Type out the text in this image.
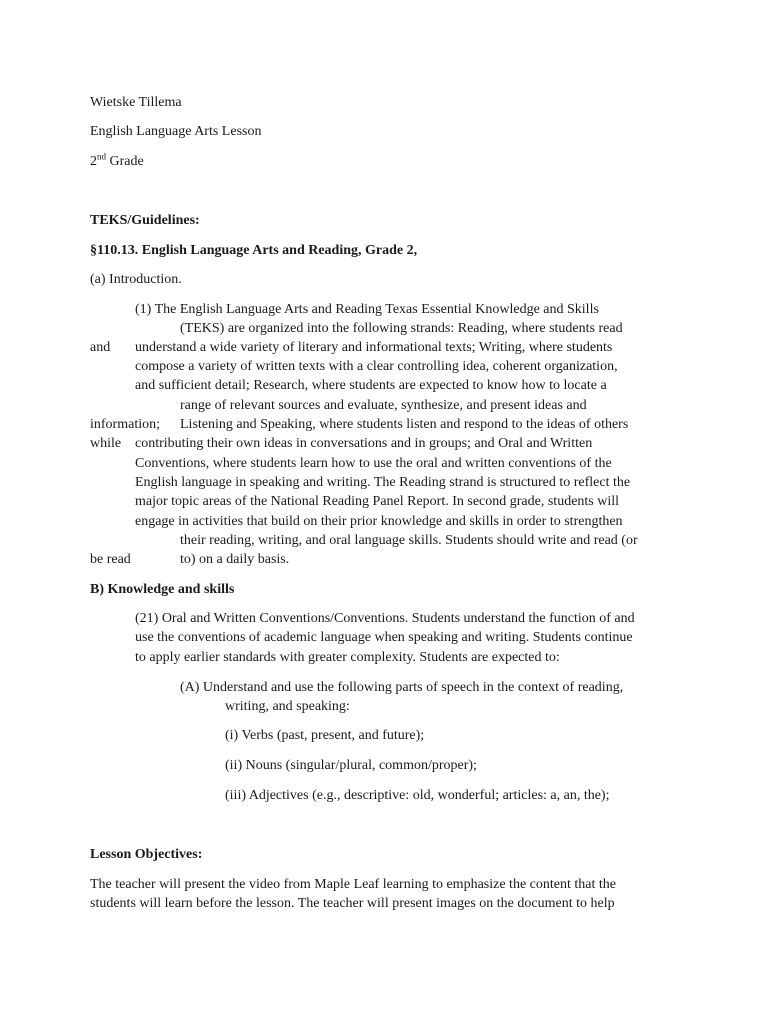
Wietske Tillema
English Language Arts Lesson
2nd Grade
TEKS/Guidelines:
§110.13. English Language Arts and Reading, Grade 2,
(a) Introduction.
(1) The English Language Arts and Reading Texas Essential Knowledge and Skills
(TEKS) are organized into the following strands: Reading, where students read
and understand a wide variety of literary and informational texts; Writing, where students
compose a variety of written texts with a clear controlling idea, coherent organization,
and sufficient detail; Research, where students are expected to know how to locate a
range of relevant sources and evaluate, synthesize, and present ideas and
information; Listening and Speaking, where students listen and respond to the ideas of others
while contributing their own ideas in conversations and in groups; and Oral and Written
Conventions, where students learn how to use the oral and written conventions of the
English language in speaking and writing. The Reading strand is structured to reflect the
major topic areas of the National Reading Panel Report. In second grade, students will
engage in activities that build on their prior knowledge and skills in order to strengthen
their reading, writing, and oral language skills. Students should write and read (or
be read	to) on a daily basis.
B) Knowledge and skills
(21) Oral and Written Conventions/Conventions. Students understand the function of and
use the conventions of academic language when speaking and writing. Students continue
to apply earlier standards with greater complexity. Students are expected to:
(A) Understand and use the following parts of speech in the context of reading,
writing, and speaking:
(i) Verbs (past, present, and future);
(ii) Nouns (singular/plural, common/proper);
(iii) Adjectives (e.g., descriptive: old, wonderful; articles: a, an, the);
Lesson Objectives:
The teacher will present the video from Maple Leaf learning to emphasize the content that the
students will learn before the lesson. The teacher will present images on the document to help
